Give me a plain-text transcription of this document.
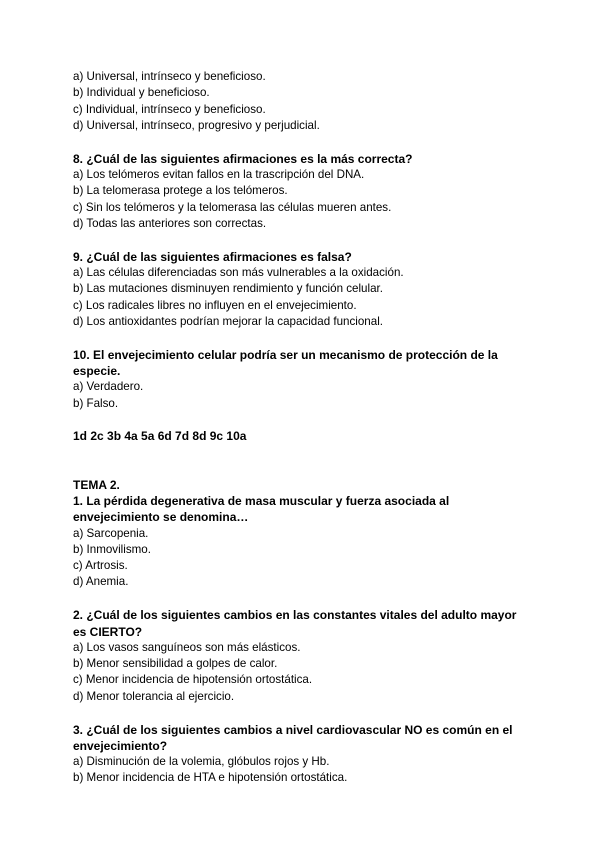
a) Universal, intrínseco y beneficioso.
b) Individual y beneficioso.
c) Individual, intrínseco y beneficioso.
d) Universal, intrínseco, progresivo y perjudicial.
8. ¿Cuál de las siguientes afirmaciones es la más correcta?
a) Los telómeros evitan fallos en la trascripción del DNA.
b) La telomerasa protege a los telómeros.
c) Sin los telómeros y la telomerasa las células mueren antes.
d) Todas las anteriores son correctas.
9. ¿Cuál de las siguientes afirmaciones es falsa?
a) Las células diferenciadas son más vulnerables a la oxidación.
b) Las mutaciones disminuyen rendimiento y función celular.
c) Los radicales libres no influyen en el envejecimiento.
d) Los antioxidantes podrían mejorar la capacidad funcional.
10. El envejecimiento celular podría ser un mecanismo de protección de la
especie.
a) Verdadero.
b) Falso.
1d 2c 3b 4a 5a 6d 7d 8d 9c 10a
TEMA 2.
1. La pérdida degenerativa de masa muscular y fuerza asociada al
envejecimiento se denomina…
a) Sarcopenia.
b) Inmovilismo.
c) Artrosis.
d) Anemia.
2. ¿Cuál de los siguientes cambios en las constantes vitales del adulto mayor
es CIERTO?
a) Los vasos sanguíneos son más elásticos.
b) Menor sensibilidad a golpes de calor.
c) Menor incidencia de hipotensión ortostática.
d) Menor tolerancia al ejercicio.
3. ¿Cuál de los siguientes cambios a nivel cardiovascular NO es común en el
envejecimiento?
a) Disminución de la volemia, glóbulos rojos y Hb.
b) Menor incidencia de HTA e hipotensión ortostática.
